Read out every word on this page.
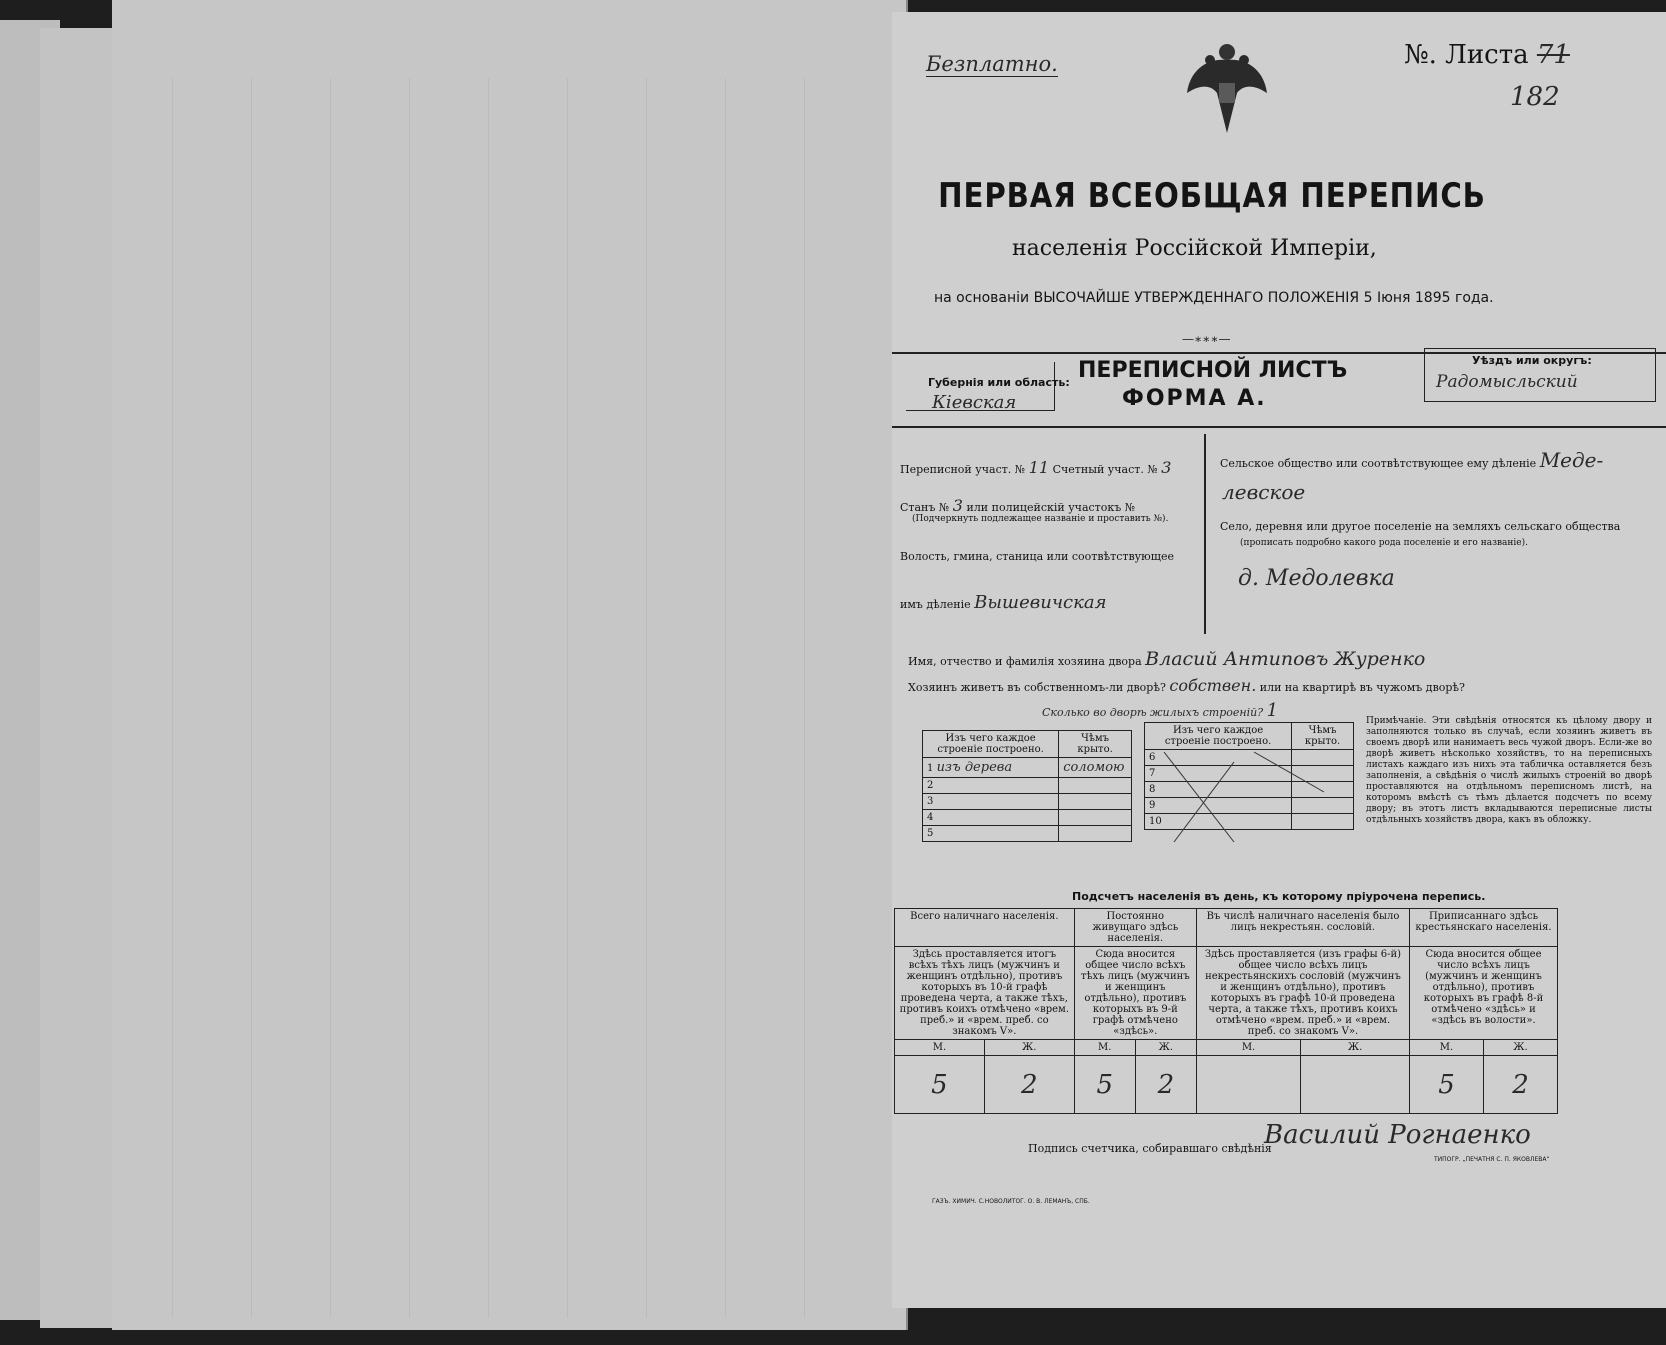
Безплатно.	№. Листа 71
182
ПЕРВАЯ ВСЕОБЩАЯ ПЕРЕПИСЬ
населенія Россійской Имперіи,
на основаніи ВЫСОЧАЙШЕ УТВЕРЖДЕННАГО ПОЛОЖЕНІЯ 5 Іюня 1895 года.
—∗∗∗—
Губернія или область:
Кіевская
ПЕРЕПИСНОЙ ЛИСТЪ
ФОРМА А.
Уѣздъ или округъ:
Радомысльский
Переписной участ. № 11 Счетный участ. № 3
Станъ № 3 или полицейскій участокъ №
(Подчеркнуть подлежащее названіе и проставить №).
Волость, гмина, станица или соотвѣтствующее
имъ дѣленіе Вышевичская
Сельское общество или соотвѣтствующее ему дѣленіе Меде-
левское
Село, деревня или другое поселеніе на земляхъ сельскаго общества
(прописать подробно какого рода поселеніе и его названіе).
д. Медолевка
Имя, отчество и фамилія хозяина двора Власий Антиповъ Журенко
Хозяинъ живетъ въ собственномъ-ли дворѣ? собствен. или на квартирѣ въ чужомъ дворѣ?
Сколько во дворѣ жилыхъ строеній? 1
Изъ чего каждое строеніе построено.	Чѣмъ крыто.
1 изъ дерева	соломою
2	
3	
4	
5	
Изъ чего каждое строеніе построено.	Чѣмъ крыто.
6	
7	
8	
9	
10	
Примѣчаніе. Эти свѣдѣнія относятся къ цѣлому двору и заполняются только въ случаѣ, если хозяинъ живетъ въ своемъ дворѣ или нанимаетъ весь чужой дворъ. Если-же во дворѣ живетъ нѣсколько хозяйствъ, то на переписныхъ листахъ каждаго изъ нихъ эта табличка оставляется безъ заполненія, а свѣдѣнія о числѣ жилыхъ строеній во дворѣ проставляются на отдѣльномъ переписномъ листѣ, на которомъ вмѣстѣ съ тѣмъ дѣлается подсчетъ по всему двору; въ этотъ листъ вкладываются переписные листы отдѣльныхъ хозяйствъ двора, какъ въ обложку.
Подсчетъ населенія въ день, къ которому пріурочена перепись.
Всего наличнаго населенія.		Постоянно живущаго здѣсь населенія.		Въ числѣ наличнаго населенія было лицъ некрестьян. сословій.		Приписаннаго здѣсь крестьянскаго населенія.	
Здѣсь проставляется итогъ всѣхъ тѣхъ лицъ (мужчинъ и женщинъ отдѣльно), противъ которыхъ въ 10-й графѣ проведена черта, а также тѣхъ, противъ коихъ отмѣчено «врем. преб.» и «врем. преб. со знакомъ V».		Сюда вносится общее число всѣхъ тѣхъ лицъ (мужчинъ и женщинъ отдѣльно), противъ которыхъ въ 9-й графѣ отмѣчено «здѣсь».		Здѣсь проставляется (изъ графы 6-й) общее число всѣхъ лицъ некрестьянскихъ сословій (мужчинъ и женщинъ отдѣльно), противъ которыхъ въ графѣ 10-й проведена черта, а также тѣхъ, противъ коихъ отмѣчено «врем. преб.» и «врем. преб. со знакомъ V».		Сюда вносится общее число всѣхъ лицъ (мужчинъ и женщинъ отдѣльно), противъ которыхъ въ графѣ 8-й отмѣчено «здѣсь» и «здѣсь въ волости».	
М.	Ж.	М.	Ж.	М.	Ж.	М.	Ж.
5	2	5	2			5	2
Подпись счетчика, собиравшаго свѣдѣнія
Василий Рогнаенко
ГАЗЪ. ХИМИЧ. С.НОВОЛИТОГ. О. В. ЛЕМАНЪ, СПБ.
ТИПОГР. „ПЕЧАТНЯ С. П. ЯКОВЛЕВА“
